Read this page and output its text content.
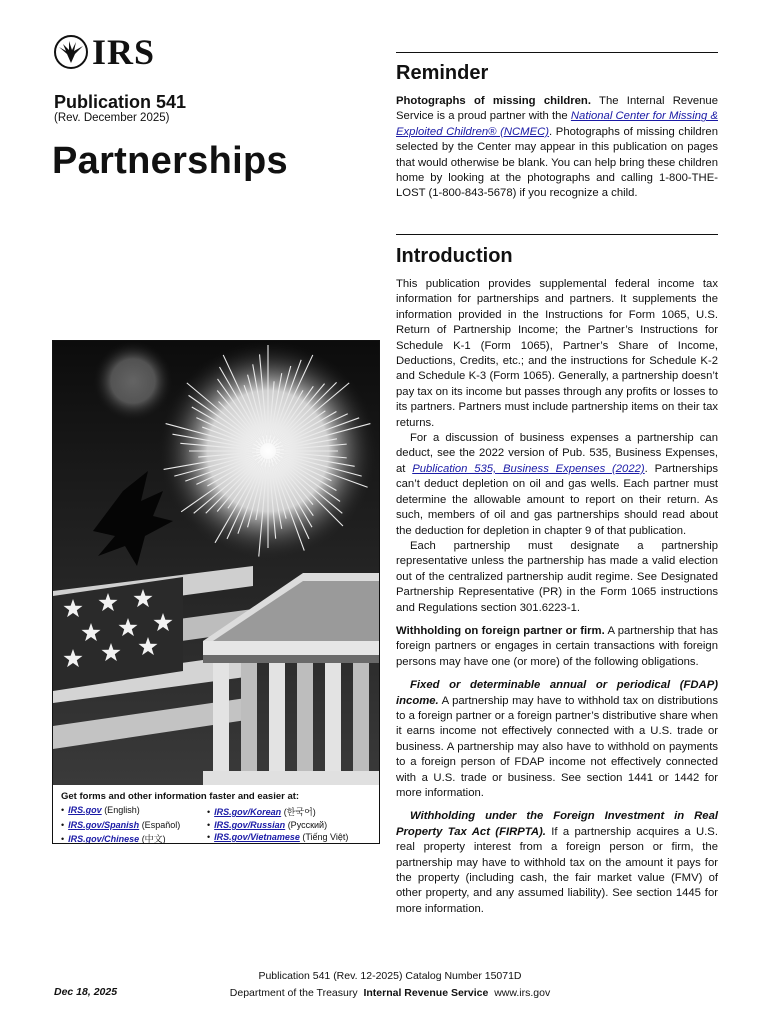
IRS
Publication 541
(Rev. December 2025)
Partnerships
Get forms and other information faster and easier at:
• IRS.gov (English)	• IRS.gov/Korean (한국어)
• IRS.gov/Spanish (Español)	• IRS.gov/Russian (Русский)
• IRS.gov/Chinese (中文)	• IRS.gov/Vietnamese (Tiếng Việt)
Reminder

Photographs of missing children. The Internal Revenue Service is a proud partner with the National Center for Missing & Exploited Children® (NCMEC). Photographs of missing children selected by the Center may appear in this publication on pages that would otherwise be blank. You can help bring these children home by looking at the photographs and calling 1-800-THE-LOST (1-800-843-5678) if you recognize a child.

Introduction

This publication provides supplemental federal income tax information for partnerships and partners. It supplements the information provided in the Instructions for Form 1065, U.S. Return of Partnership Income; the Partner’s Instructions for Schedule K-1 (Form 1065), Partner’s Share of Income, Deductions, Credits, etc.; and the instructions for Schedule K-2 and Schedule K-3 (Form 1065). Generally, a partnership doesn’t pay tax on its income but passes through any profits or losses to its partners. Partners must include partnership items on their tax returns.

For a discussion of business expenses a partnership can deduct, see the 2022 version of Pub. 535, Business Expenses, at Publication 535, Business Expenses (2022). Partnerships can’t deduct depletion on oil and gas wells. Each partner must determine the allowable amount to report on their return. As such, members of oil and gas partnerships should read about the deduction for depletion in chapter 9 of that publication.

Each partnership must designate a partnership representative unless the partnership has made a valid election out of the centralized partnership audit regime. See Designated Partnership Representative (PR) in the Form 1065 instructions and Regulations section 301.6223-1.

Withholding on foreign partner or firm. A partnership that has foreign partners or engages in certain transactions with foreign persons may have one (or more) of the following obligations.

Fixed or determinable annual or periodical (FDAP) income. A partnership may have to withhold tax on distributions to a foreign partner or a foreign partner’s distributive share when it earns income not effectively connected with a U.S. trade or business. A partnership may also have to withhold on payments to a foreign person of FDAP income not effectively connected with a U.S. trade or business. See section 1441 or 1442 for more information.

Withholding under the Foreign Investment in Real Property Tax Act (FIRPTA). If a partnership acquires a U.S. real property interest from a foreign person or firm, the partnership may have to withhold tax on the amount it pays for the property (including cash, the fair market value (FMV) of other property, and any assumed liability). See section 1445 for more information.

Dec 18, 2025
Publication 541 (Rev. 12-2025) Catalog Number 15071D
Department of the Treasury Internal Revenue Service www.irs.gov
